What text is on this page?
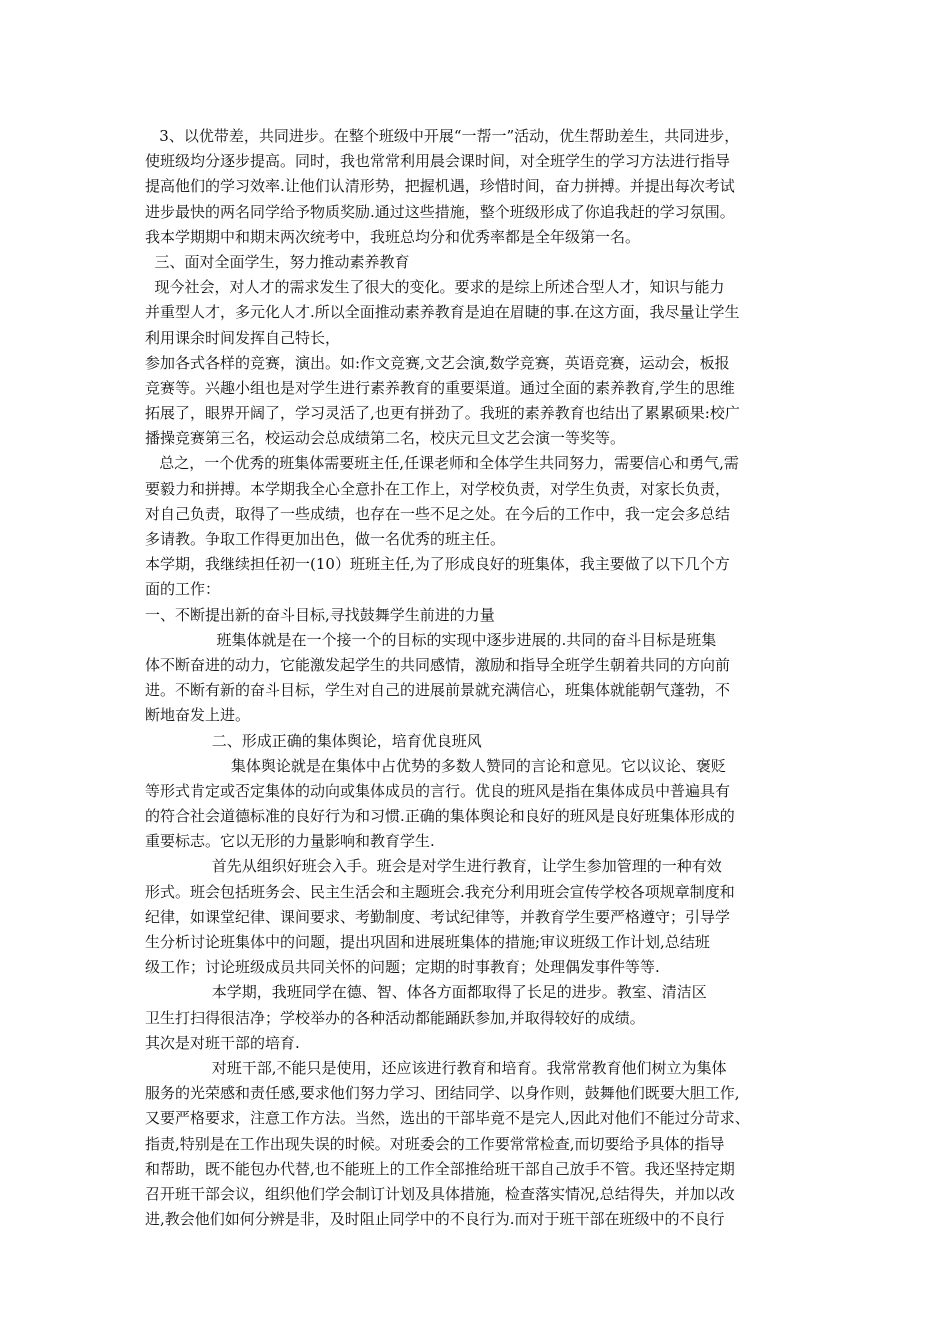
3、以优带差，共同进步。在整个班级中开展“一帮一”活动，优生帮助差生，共同进步，
使班级均分逐步提高。同时，我也常常利用晨会课时间，对全班学生的学习方法进行指导
提高他们的学习效率.让他们认清形势，把握机遇，珍惜时间，奋力拼搏。并提出每次考试
进步最快的两名同学给予物质奖励.通过这些措施，整个班级形成了你追我赶的学习氛围。
我本学期期中和期末两次统考中，我班总均分和优秀率都是全年级第一名。
三、面对全面学生，努力推动素养教育
现今社会，对人才的需求发生了很大的变化。要求的是综上所述合型人才，知识与能力
并重型人才，多元化人才.所以全面推动素养教育是迫在眉睫的事.在这方面，我尽量让学生
利用课余时间发挥自己特长，
参加各式各样的竞赛，演出。如:作文竞赛,文艺会演,数学竞赛，英语竞赛，运动会，板报
竞赛等。兴趣小组也是对学生进行素养教育的重要渠道。通过全面的素养教育,学生的思维
拓展了，眼界开阔了，学习灵活了,也更有拼劲了。我班的素养教育也结出了累累硕果:校广
播操竞赛第三名，校运动会总成绩第二名，校庆元旦文艺会演一等奖等。
总之，一个优秀的班集体需要班主任,任课老师和全体学生共同努力，需要信心和勇气,需
要毅力和拼搏。本学期我全心全意扑在工作上，对学校负责，对学生负责，对家长负责，
对自己负责，取得了一些成绩，也存在一些不足之处。在今后的工作中，我一定会多总结
多请教。争取工作得更加出色，做一名优秀的班主任。
本学期，我继续担任初一(10）班班主任,为了形成良好的班集体，我主要做了以下几个方
面的工作：
一、不断提出新的奋斗目标,寻找鼓舞学生前进的力量
班集体就是在一个接一个的目标的实现中逐步进展的.共同的奋斗目标是班集
体不断奋进的动力，它能激发起学生的共同感情，激励和指导全班学生朝着共同的方向前
进。不断有新的奋斗目标，学生对自己的进展前景就充满信心，班集体就能朝气蓬勃，不
断地奋发上进。
二、形成正确的集体舆论，培育优良班风
集体舆论就是在集体中占优势的多数人赞同的言论和意见。它以议论、褒贬
等形式肯定或否定集体的动向或集体成员的言行。优良的班风是指在集体成员中普遍具有
的符合社会道德标准的良好行为和习惯.正确的集体舆论和良好的班风是良好班集体形成的
重要标志。它以无形的力量影响和教育学生.
首先从组织好班会入手。班会是对学生进行教育，让学生参加管理的一种有效
形式。班会包括班务会、民主生活会和主题班会.我充分利用班会宣传学校各项规章制度和
纪律，如课堂纪律、课间要求、考勤制度、考试纪律等，并教育学生要严格遵守；引导学
生分析讨论班集体中的问题，提出巩固和进展班集体的措施;审议班级工作计划,总结班
级工作；讨论班级成员共同关怀的问题；定期的时事教育；处理偶发事件等等.
本学期，我班同学在德、智、体各方面都取得了长足的进步。教室、清洁区
卫生打扫得很洁净；学校举办的各种活动都能踊跃参加,并取得较好的成绩。
其次是对班干部的培育.
对班干部,不能只是使用，还应该进行教育和培育。我常常教育他们树立为集体
服务的光荣感和责任感,要求他们努力学习、团结同学、以身作则，鼓舞他们既要大胆工作,
又要严格要求，注意工作方法。当然，选出的干部毕竟不是完人,因此对他们不能过分苛求、
指责,特别是在工作出现失误的时候。对班委会的工作要常常检查,而切要给予具体的指导
和帮助，既不能包办代替,也不能班上的工作全部推给班干部自己放手不管。我还坚持定期
召开班干部会议，组织他们学会制订计划及具体措施，检查落实情况,总结得失，并加以改
进,教会他们如何分辨是非，及时阻止同学中的不良行为.而对于班干部在班级中的不良行
